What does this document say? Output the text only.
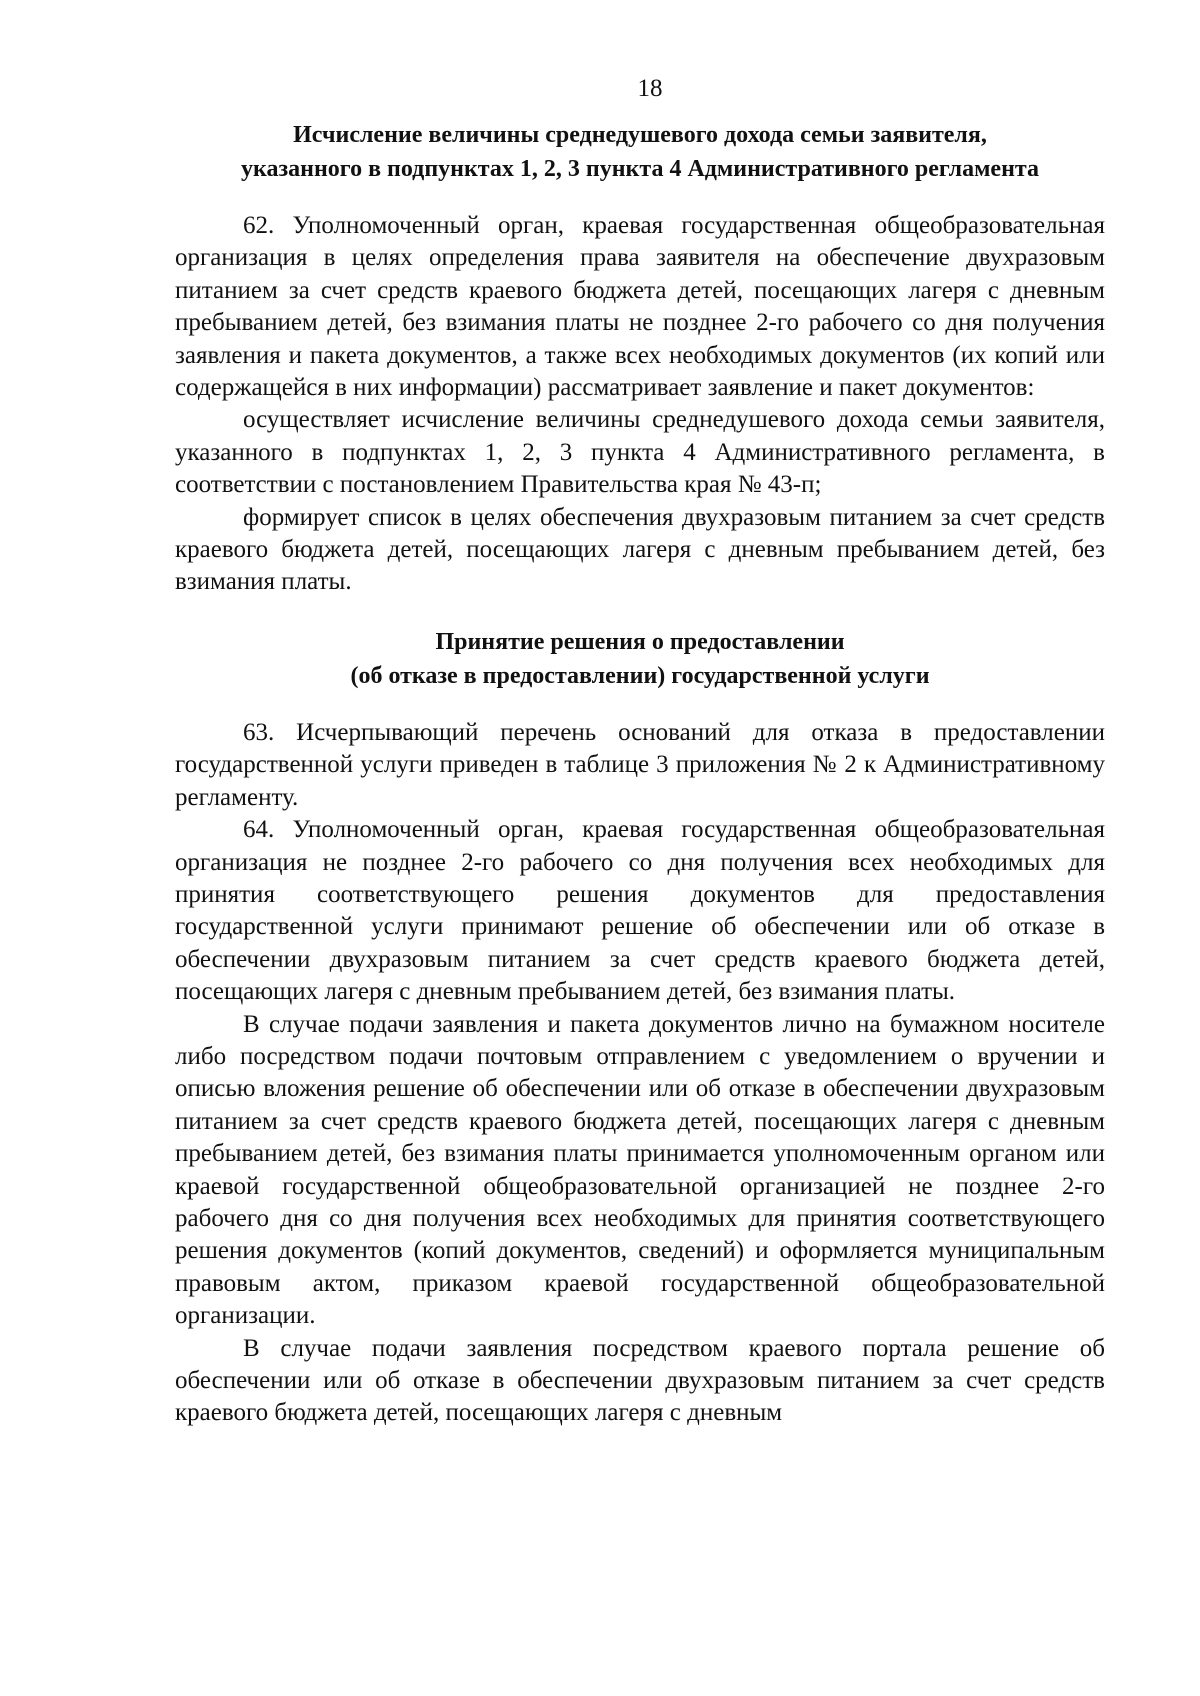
18
Исчисление величины среднедушевого дохода семьи заявителя,
указанного в подпунктах 1, 2, 3 пункта 4 Административного регламента

62. Уполномоченный орган, краевая государственная общеобразовательная организация в целях определения права заявителя на обеспечение двухразовым питанием за счет средств краевого бюджета детей, посещающих лагеря с дневным пребыванием детей, без взимания платы не позднее 2-го рабочего со дня получения заявления и пакета документов, а также всех необходимых документов (их копий или содержащейся в них информации) рассматривает заявление и пакет документов:

осуществляет исчисление величины среднедушевого дохода семьи заявителя, указанного в подпунктах 1, 2, 3 пункта 4 Административного регламента, в соответствии с постановлением Правительства края № 43-п;

формирует список в целях обеспечения двухразовым питанием за счет средств краевого бюджета детей, посещающих лагеря с дневным пребыванием детей, без взимания платы.

Принятие решения о предоставлении
(об отказе в предоставлении) государственной услуги

63. Исчерпывающий перечень оснований для отказа в предоставлении государственной услуги приведен в таблице 3 приложения № 2 к Административному регламенту.

64. Уполномоченный орган, краевая государственная общеобразовательная организация не позднее 2-го рабочего со дня получения всех необходимых для принятия соответствующего решения документов для предоставления государственной услуги принимают решение об обеспечении или об отказе в обеспечении двухразовым питанием за счет средств краевого бюджета детей, посещающих лагеря с дневным пребыванием детей, без взимания платы.

В случае подачи заявления и пакета документов лично на бумажном носителе либо посредством подачи почтовым отправлением с уведомлением о вручении и описью вложения решение об обеспечении или об отказе в обеспечении двухразовым питанием за счет средств краевого бюджета детей, посещающих лагеря с дневным пребыванием детей, без взимания платы принимается уполномоченным органом или краевой государственной общеобразовательной организацией не позднее 2-го рабочего дня со дня получения всех необходимых для принятия соответствующего решения документов (копий документов, сведений) и оформляется муниципальным правовым актом, приказом краевой государственной общеобразовательной организации.

В случае подачи заявления посредством краевого портала решение об обеспечении или об отказе в обеспечении двухразовым питанием за счет средств краевого бюджета детей, посещающих лагеря с дневным
